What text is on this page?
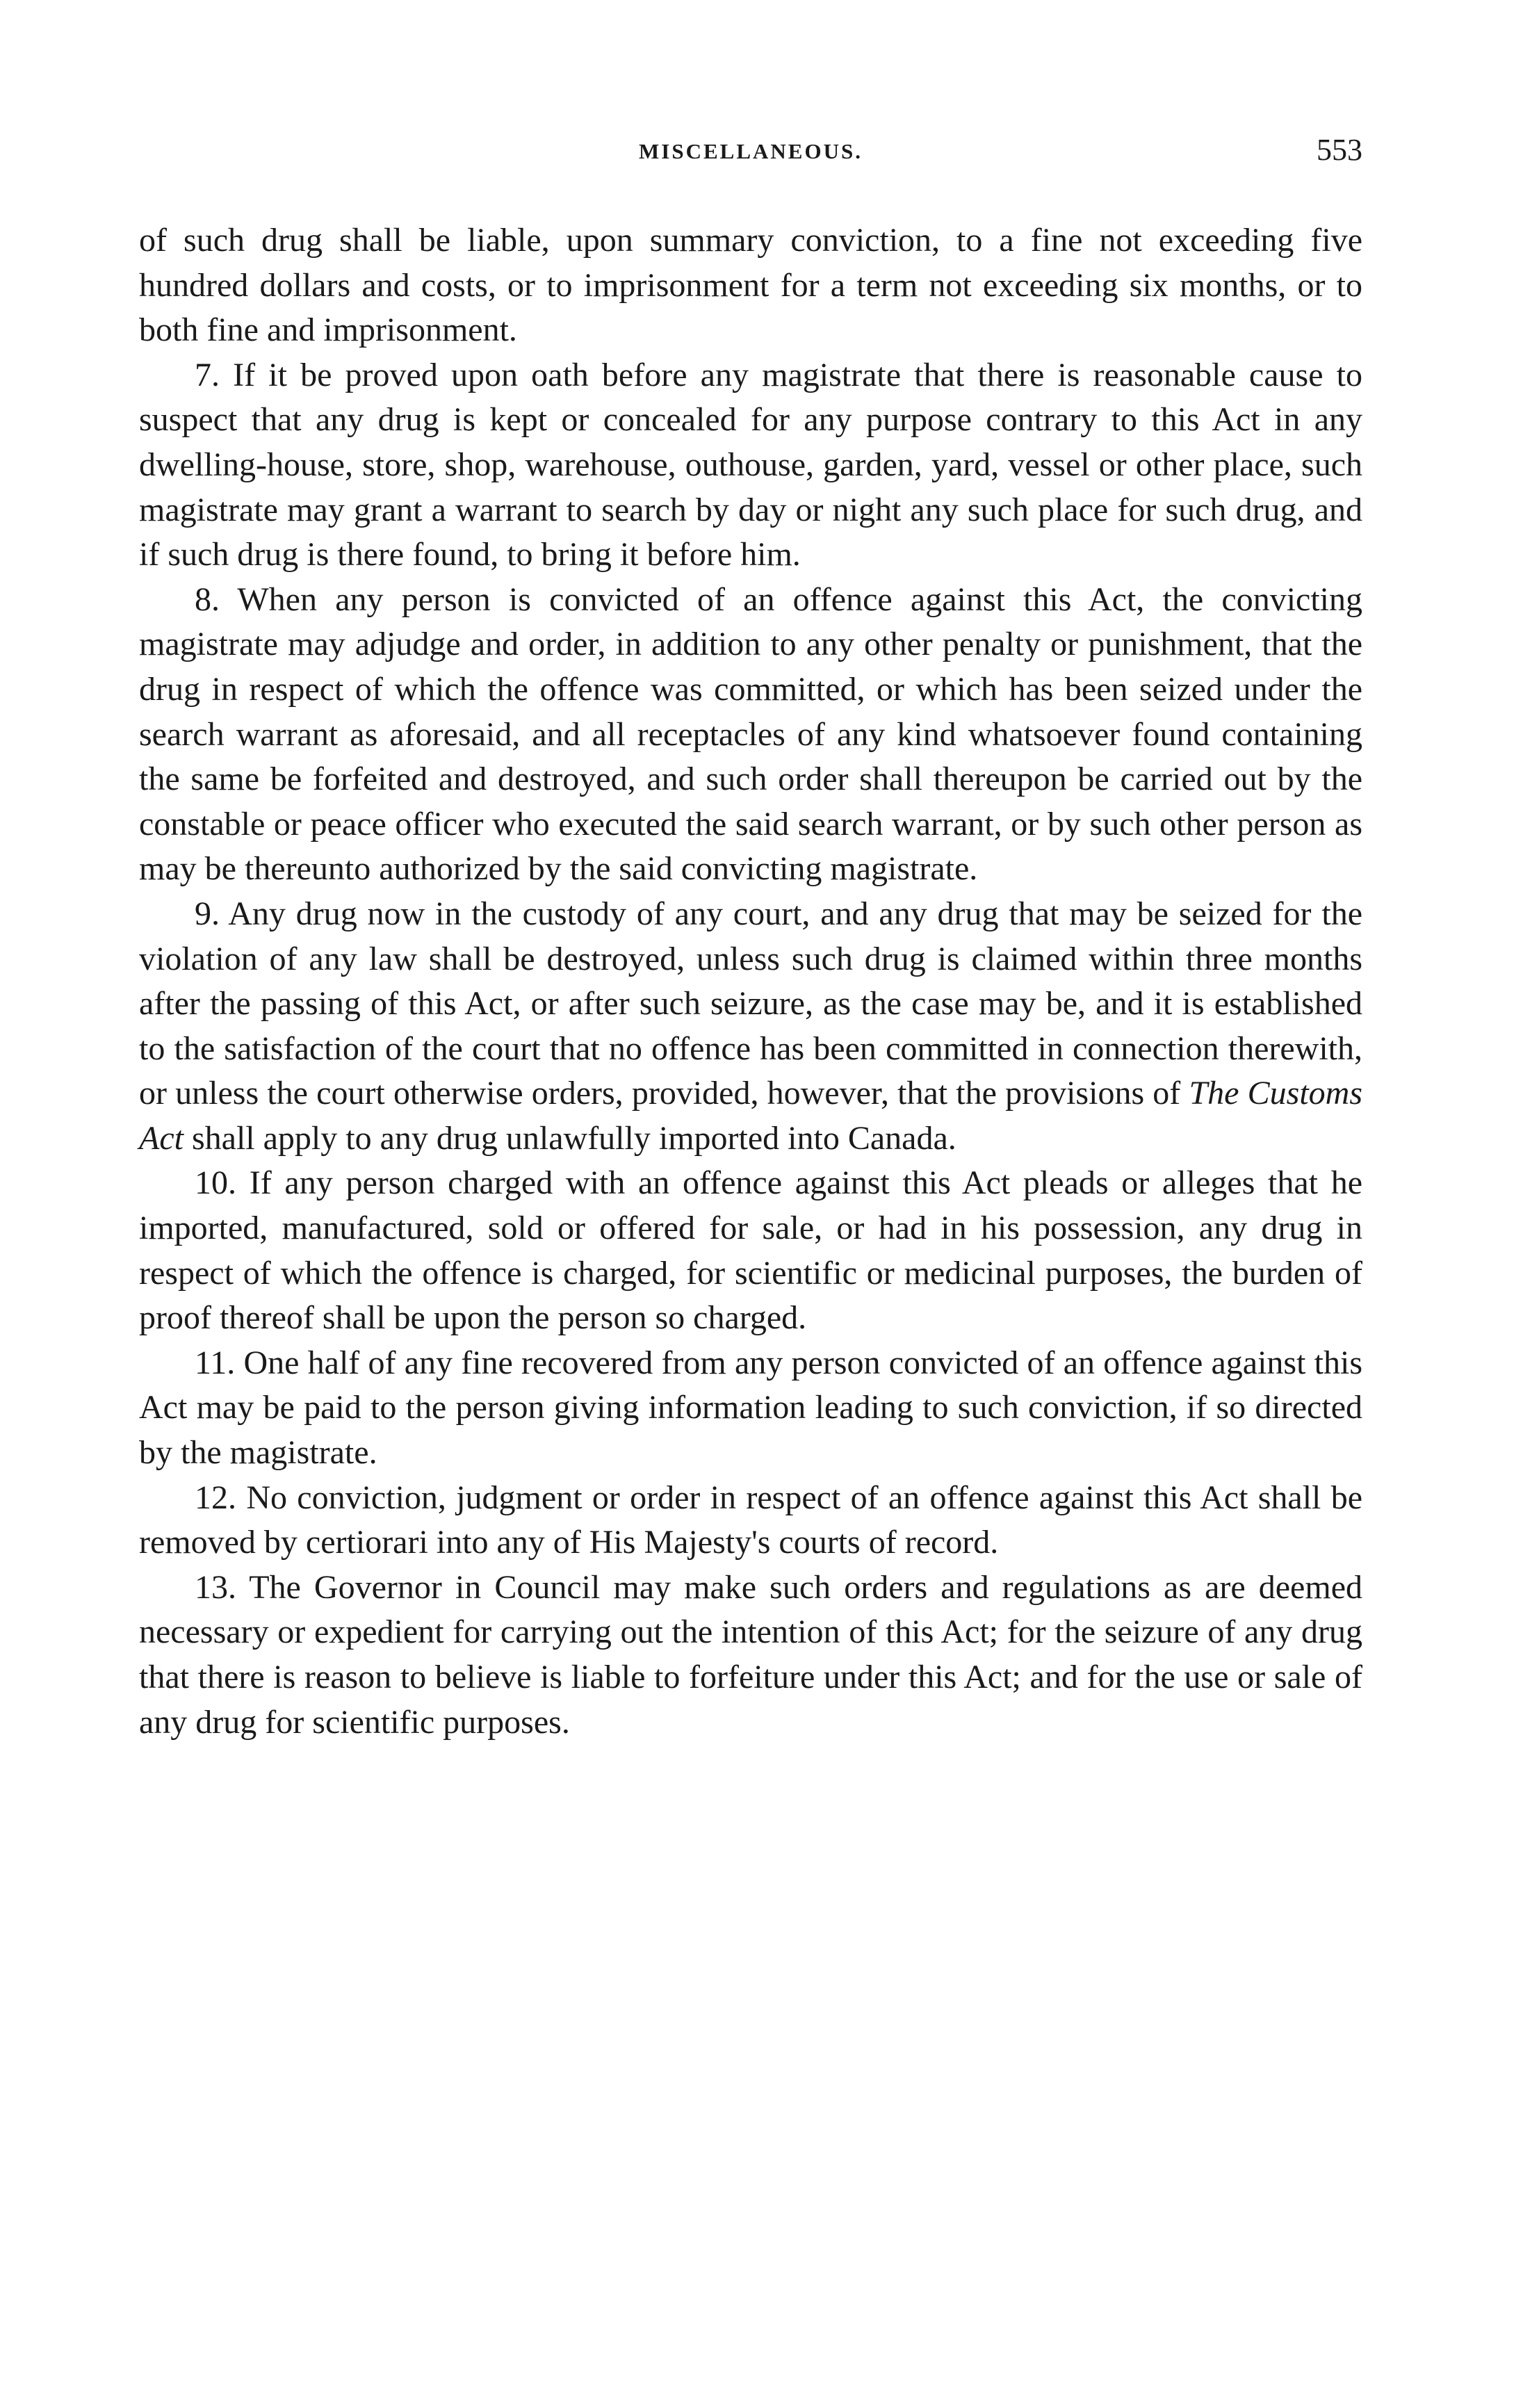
MISCELLANEOUS.	553

of such drug shall be liable, upon summary conviction, to a fine not exceeding five hundred dollars and costs, or to imprisonment for a term not exceeding six months, or to both fine and imprisonment.

7. If it be proved upon oath before any magistrate that there is reasonable cause to suspect that any drug is kept or concealed for any purpose contrary to this Act in any dwelling-house, store, shop, warehouse, outhouse, garden, yard, vessel or other place, such magistrate may grant a warrant to search by day or night any such place for such drug, and if such drug is there found, to bring it before him.

8. When any person is convicted of an offence against this Act, the convicting magistrate may adjudge and order, in addition to any other penalty or punishment, that the drug in respect of which the offence was committed, or which has been seized under the search warrant as aforesaid, and all receptacles of any kind whatsoever found containing the same be forfeited and destroyed, and such order shall thereupon be carried out by the constable or peace officer who executed the said search warrant, or by such other person as may be thereunto authorized by the said convicting magistrate.

9. Any drug now in the custody of any court, and any drug that may be seized for the violation of any law shall be destroyed, unless such drug is claimed within three months after the passing of this Act, or after such seizure, as the case may be, and it is established to the satisfaction of the court that no offence has been committed in connection therewith, or unless the court otherwise orders, provided, however, that the provisions of The Customs Act shall apply to any drug unlawfully imported into Canada.

10. If any person charged with an offence against this Act pleads or alleges that he imported, manufactured, sold or offered for sale, or had in his possession, any drug in respect of which the offence is charged, for scientific or medicinal purposes, the burden of proof thereof shall be upon the person so charged.

11. One half of any fine recovered from any person convicted of an offence against this Act may be paid to the person giving information leading to such conviction, if so directed by the magistrate.

12. No conviction, judgment or order in respect of an offence against this Act shall be removed by certiorari into any of His Majesty's courts of record.

13. The Governor in Council may make such orders and regulations as are deemed necessary or expedient for carrying out the intention of this Act; for the seizure of any drug that there is reason to believe is liable to forfeiture under this Act; and for the use or sale of any drug for scientific purposes.
